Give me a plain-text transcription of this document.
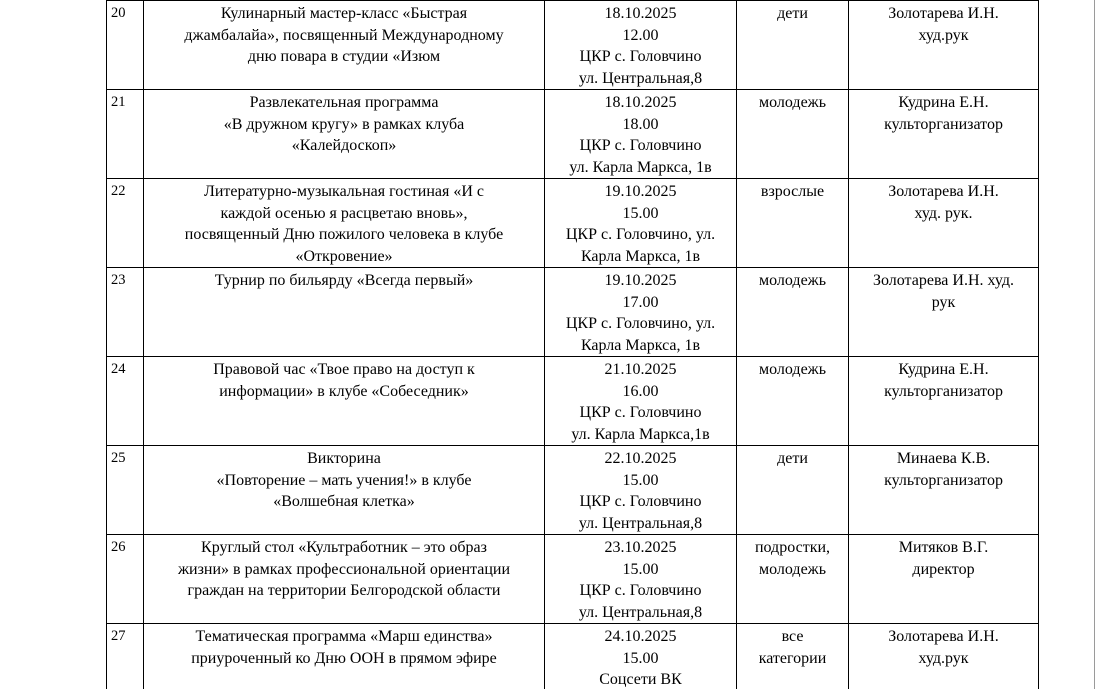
20	Кулинарный мастер-класс «Быстрая
джамбалайа», посвященный Международному
дню повара в студии «Изюм	18.10.2025
12.00
ЦКР с. Головчино
ул. Центральная,8	дети	Золотарева И.Н.
худ.рук

21	Развлекательная программа
«В дружном кругу» в рамках клуба
«Калейдоскоп»	18.10.2025
18.00
ЦКР с. Головчино
ул. Карла Маркса, 1в	молодежь	Кудрина Е.Н.
культорганизатор

22	Литературно-музыкальная гостиная «И с
каждой осенью я расцветаю вновь»,
посвященный Дню пожилого человека в клубе
«Откровение»	19.10.2025
15.00
ЦКР с. Головчино, ул.
Карла Маркса, 1в	взрослые	Золотарева И.Н.
худ. рук.

23	Турнир по бильярду «Всегда первый»	19.10.2025
17.00
ЦКР с. Головчино, ул.
Карла Маркса, 1в	молодежь	Золотарева И.Н. худ.
рук

24	Правовой час «Твое право на доступ к
информации» в клубе «Собеседник»	21.10.2025
16.00
ЦКР с. Головчино
ул. Карла Маркса,1в	молодежь	Кудрина Е.Н.
культорганизатор

25	Викторина
«Повторение – мать учения!» в клубе
«Волшебная клетка»	22.10.2025
15.00
ЦКР с. Головчино
ул. Центральная,8	дети	Минаева К.В.
культорганизатор

26	Круглый стол «Культработник – это образ
жизни» в рамках профессиональной ориентации
граждан на территории Белгородской области	23.10.2025
15.00
ЦКР с. Головчино
ул. Центральная,8	подростки,
молодежь	Митяков В.Г.
директор

27	Тематическая программа «Марш единства»
приуроченный ко Дню ООН в прямом эфире	24.10.2025
15.00
Соцсети ВК	все
категории	Золотарева И.Н.
худ.рук
